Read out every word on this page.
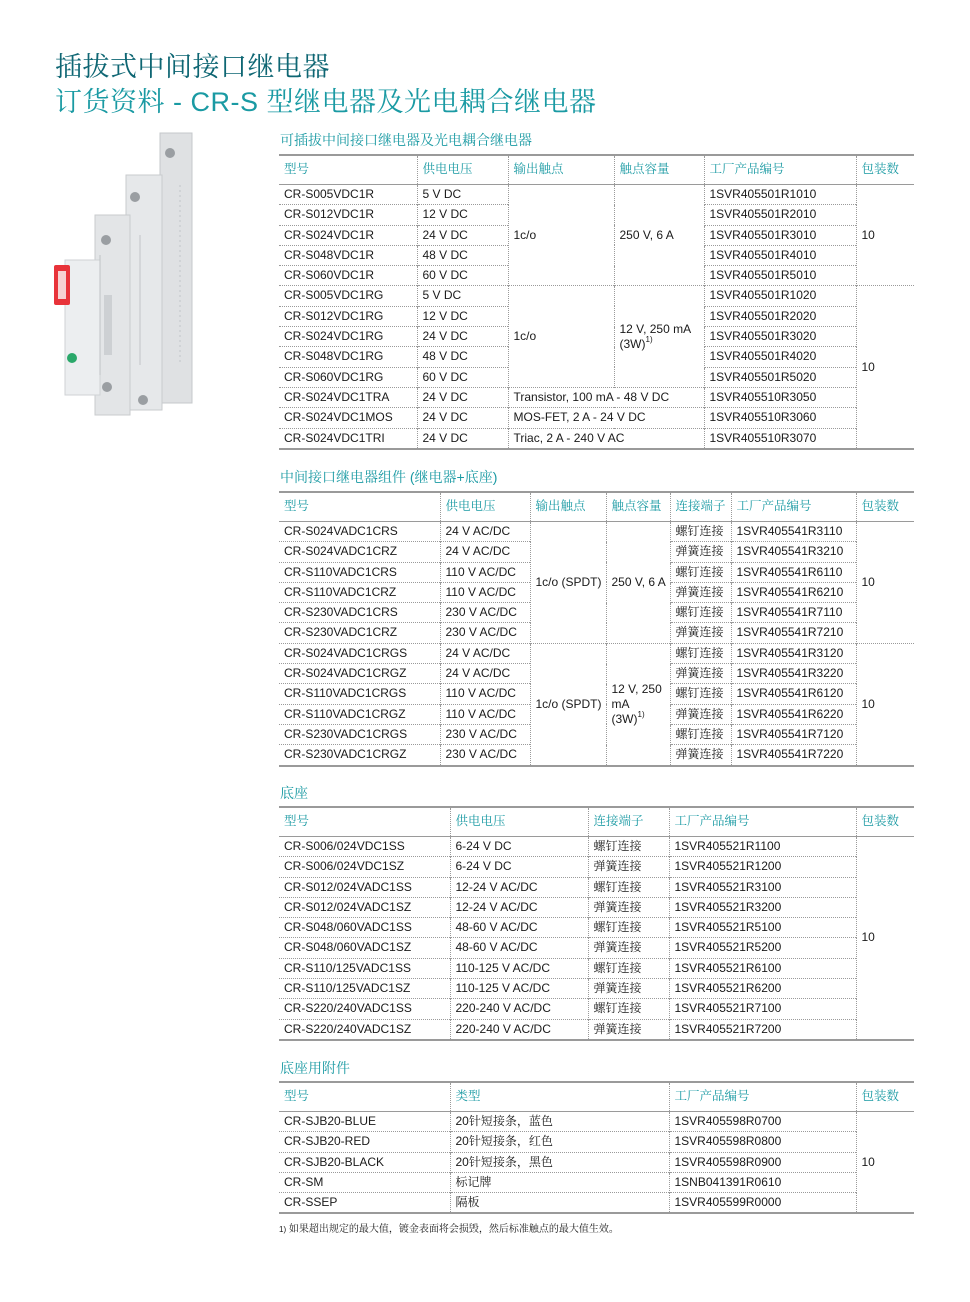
插拔式中间接口继电器
订货资料 - CR-S 型继电器及光电耦合继电器
可插拔中间接口继电器及光电耦合继电器
型号	供电电压	输出触点	触点容量	工厂产品编号	包装数
CR-S005VDC1R	5 V DC	1c/o	250 V, 6 A	1SVR405501R1010	10
CR-S012VDC1R	12 V DC			1SVR405501R2010	
CR-S024VDC1R	24 V DC			1SVR405501R3010	
CR-S048VDC1R	48 V DC			1SVR405501R4010	
CR-S060VDC1R	60 V DC			1SVR405501R5010	
CR-S005VDC1RG	5 V DC	1c/o	12 V, 250 mA $(3W)^{1)}$	1SVR405501R1020	10
CR-S012VDC1RG	12 V DC			1SVR405501R2020	
CR-S024VDC1RG	24 V DC			1SVR405501R3020	
CR-S048VDC1RG	48 V DC			1SVR405501R4020	
CR-S060VDC1RG	60 V DC			1SVR405501R5020	
CR-S024VDC1TRA	24 V DC	Transistor, 100 mA - 48 V DC		1SVR405510R3050	
CR-S024VDC1MOS	24 V DC	MOS-FET, 2 A - 24 V DC		1SVR405510R3060	
CR-S024VDC1TRI	24 V DC	Triac, 2 A - 240 V AC		1SVR405510R3070	
中间接口继电器组件 (继电器+底座)
型号	供电电压	输出触点	触点容量	连接端子	工厂产品编号	包装数
CR-S024VADC1CRS	24 V AC/DC	1c/o (SPDT)	250 V, 6 A	螺钉连接	1SVR405541R3110	10
CR-S024VADC1CRZ	24 V AC/DC			弹簧连接	1SVR405541R3210	
CR-S110VADC1CRS	110 V AC/DC			螺钉连接	1SVR405541R6110	
CR-S110VADC1CRZ	110 V AC/DC			弹簧连接	1SVR405541R6210	
CR-S230VADC1CRS	230 V AC/DC			螺钉连接	1SVR405541R7110	
CR-S230VADC1CRZ	230 V AC/DC			弹簧连接	1SVR405541R7210	
CR-S024VADC1CRGS	24 V AC/DC	1c/o (SPDT)	12 V, 250 mA $(3W)^{1)}$	螺钉连接	1SVR405541R3120	10
CR-S024VADC1CRGZ	24 V AC/DC			弹簧连接	1SVR405541R3220	
CR-S110VADC1CRGS	110 V AC/DC			螺钉连接	1SVR405541R6120	
CR-S110VADC1CRGZ	110 V AC/DC			弹簧连接	1SVR405541R6220	
CR-S230VADC1CRGS	230 V AC/DC			螺钉连接	1SVR405541R7120	
CR-S230VADC1CRGZ	230 V AC/DC			弹簧连接	1SVR405541R7220	
底座
型号	供电电压	连接端子	工厂产品编号	包装数
CR-S006/024VDC1SS	6-24 V DC	螺钉连接	1SVR405521R1100	10
CR-S006/024VDC1SZ	6-24 V DC	弹簧连接	1SVR405521R1200	
CR-S012/024VADC1SS	12-24 V AC/DC	螺钉连接	1SVR405521R3100	
CR-S012/024VADC1SZ	12-24 V AC/DC	弹簧连接	1SVR405521R3200	
CR-S048/060VADC1SS	48-60 V AC/DC	螺钉连接	1SVR405521R5100	
CR-S048/060VADC1SZ	48-60 V AC/DC	弹簧连接	1SVR405521R5200	
CR-S110/125VADC1SS	110-125 V AC/DC	螺钉连接	1SVR405521R6100	
CR-S110/125VADC1SZ	110-125 V AC/DC	弹簧连接	1SVR405521R6200	
CR-S220/240VADC1SS	220-240 V AC/DC	螺钉连接	1SVR405521R7100	
CR-S220/240VADC1SZ	220-240 V AC/DC	弹簧连接	1SVR405521R7200	
底座用附件
型号	类型	工厂产品编号	包装数
CR-SJB20-BLUE	20针短接条，蓝色	1SVR405598R0700	10
CR-SJB20-RED	20针短接条，红色	1SVR405598R0800	
CR-SJB20-BLACK	20针短接条，黑色	1SVR405598R0900	
CR-SM	标记牌	1SNB041391R0610	
CR-SSEP	隔板	1SVR405599R0000	
1) 如果超出规定的最大值，镀金表面将会损毁，然后标准触点的最大值生效。
